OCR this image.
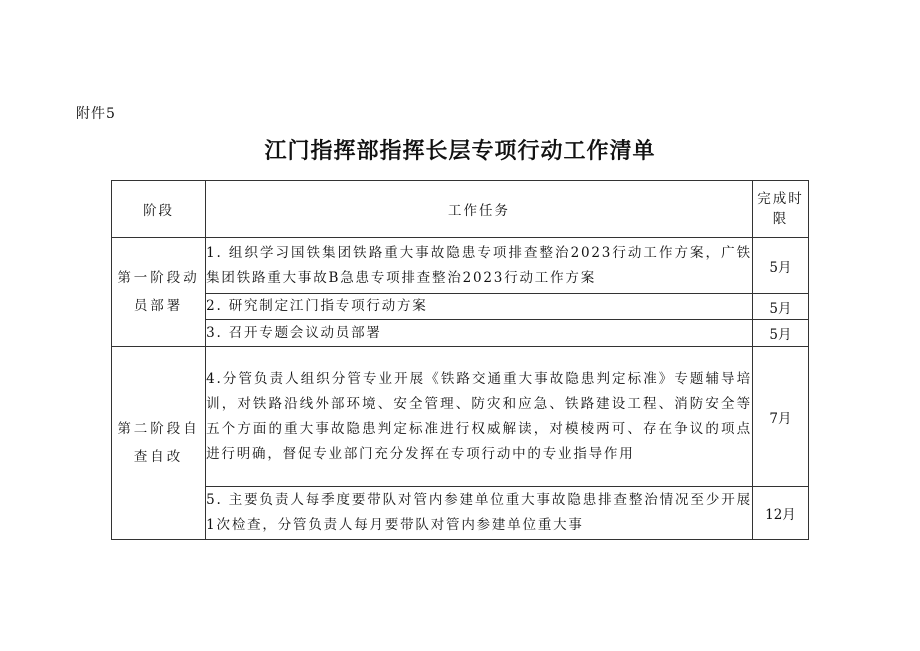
附件5
江门指挥部指挥长层专项行动工作清单
阶段	工作任务	完成时限
第一阶段动员部署	1. 组织学习国铁集团铁路重大事故隐患专项排查整治2023行动工作方案，广铁集团铁路重大事故B急患专项排查整治2023行动工作方案	5月
	2. 研究制定江门指专项行动方案	5月
	3. 召开专题会议动员部署	5月
第二阶段自查自改	4.分管负责人组织分管专业开展《铁路交通重大事故隐患判定标准》专题辅导培训，对铁路沿线外部环境、安全管理、防灾和应急、铁路建设工程、消防安全等五个方面的重大事故隐患判定标准进行权威解读，对模棱两可、存在争议的项点进行明确，督促专业部门充分发挥在专项行动中的专业指导作用	7月
	5. 主要负责人每季度要带队对管内参建单位重大事故隐患排查整治情况至少开展1次检查，分管负责人每月要带队对管内参建单位重大事	12月
